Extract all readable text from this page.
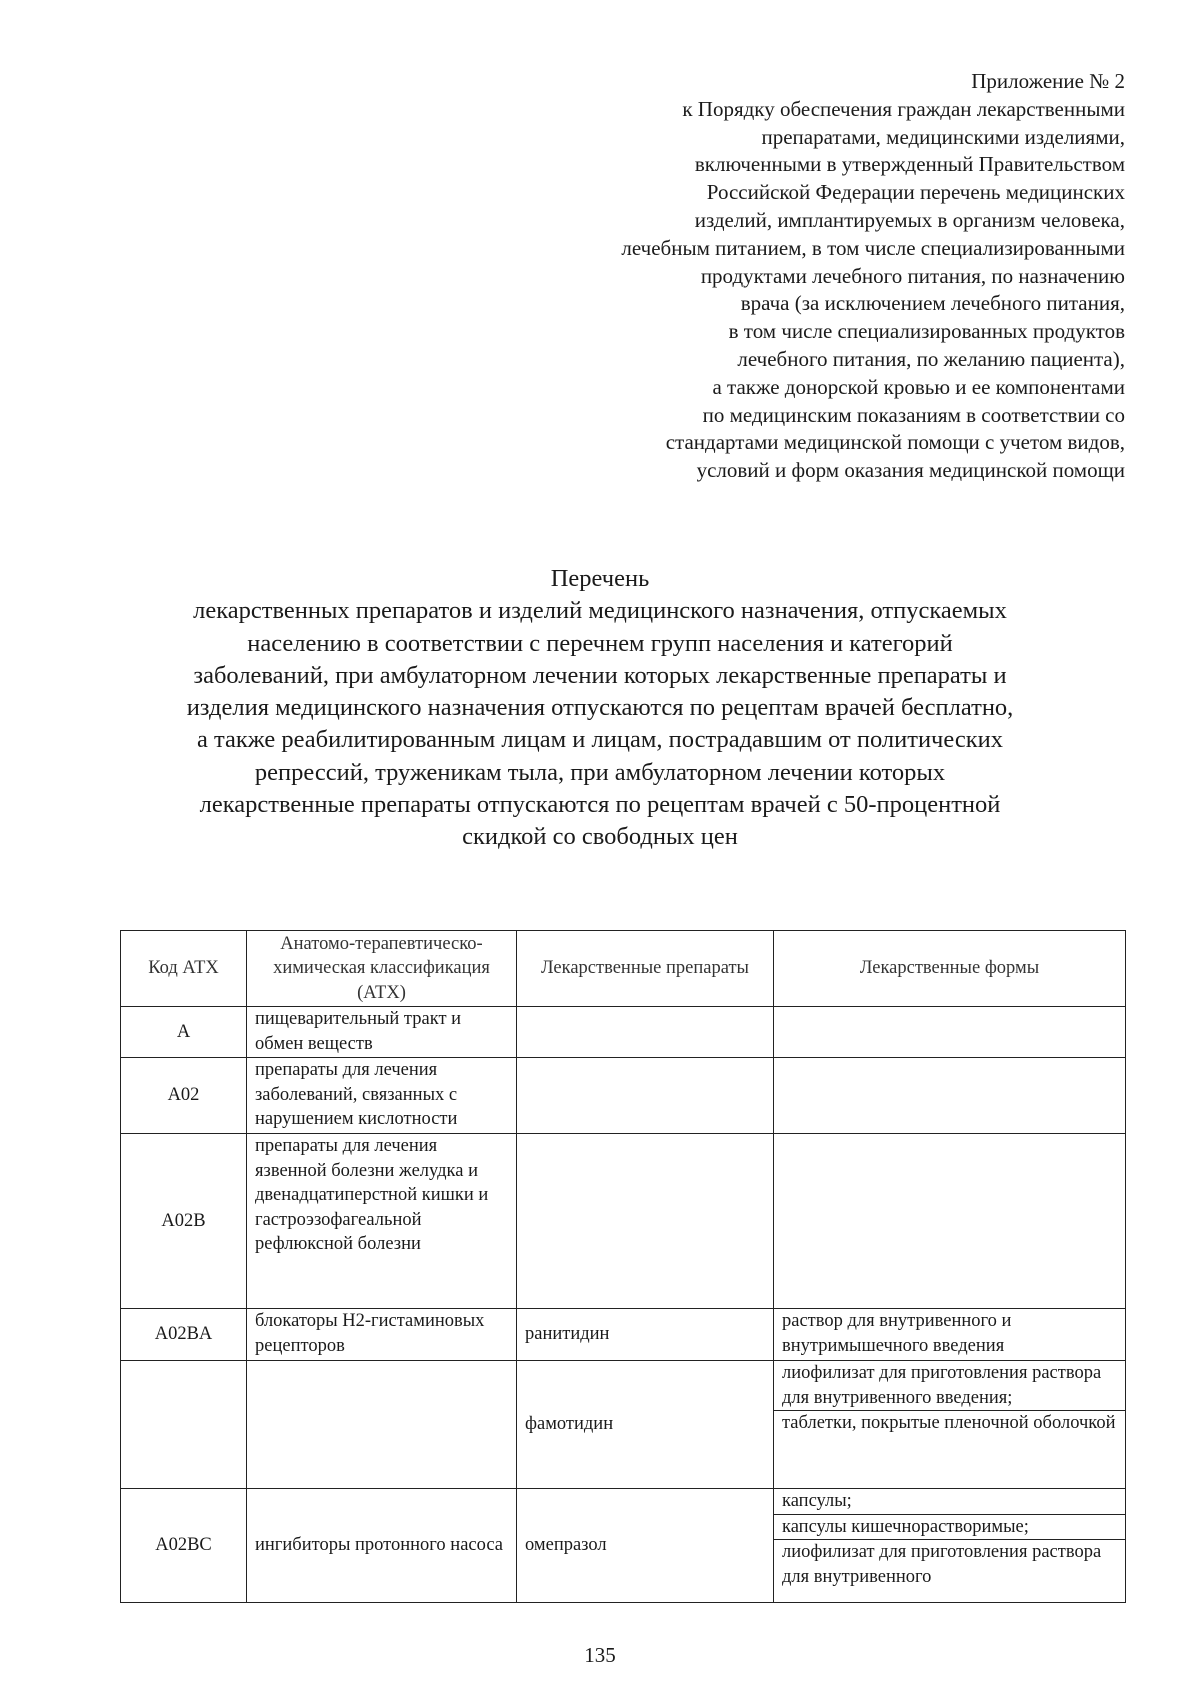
Приложение № 2
к Порядку обеспечения граждан лекарственными
препаратами, медицинскими изделиями,
включенными в утвержденный Правительством
Российской Федерации перечень медицинских
изделий, имплантируемых в организм человека,
лечебным питанием, в том числе специализированными
продуктами лечебного питания, по назначению
врача (за исключением лечебного питания,
в том числе специализированных продуктов
лечебного питания, по желанию пациента),
а также донорской кровью и ее компонентами
по медицинским показаниям в соответствии со
стандартами медицинской помощи с учетом видов,
условий и форм оказания медицинской помощи
Перечень
лекарственных препаратов и изделий медицинского назначения, отпускаемых
населению в соответствии с перечнем групп населения и категорий
заболеваний, при амбулаторном лечении которых лекарственные препараты и
изделия медицинского назначения отпускаются по рецептам врачей бесплатно,
а также реабилитированным лицам и лицам, пострадавшим от политических
репрессий, труженикам тыла, при амбулаторном лечении которых
лекарственные препараты отпускаются по рецептам врачей с 50-процентной
скидкой со свободных цен
Код АТХ	Анатомо-терапевтическо-химическая классификация (АТХ)	Лекарственные препараты	Лекарственные формы
A	пищеварительный тракт и обмен веществ		

A02	препараты для лечения заболеваний, связанных с нарушением кислотности		

A02B	препараты для лечения язвенной болезни желудка и двенадцатиперстной кишки и гастроэзофагеальной рефлюксной болезни		

A02BA	блокаторы H2-гистаминовых рецепторов	ранитидин	раствор для внутривенного и внутримышечного введения

		фамотидин	лиофилизат для приготовления раствора для внутривенного введения;
таблетки, покрытые пленочной оболочкой

A02BC	ингибиторы протонного насоса	омепразол	капсулы;
капсулы кишечнорастворимые;
лиофилизат для приготовления раствора для внутривенного
135
